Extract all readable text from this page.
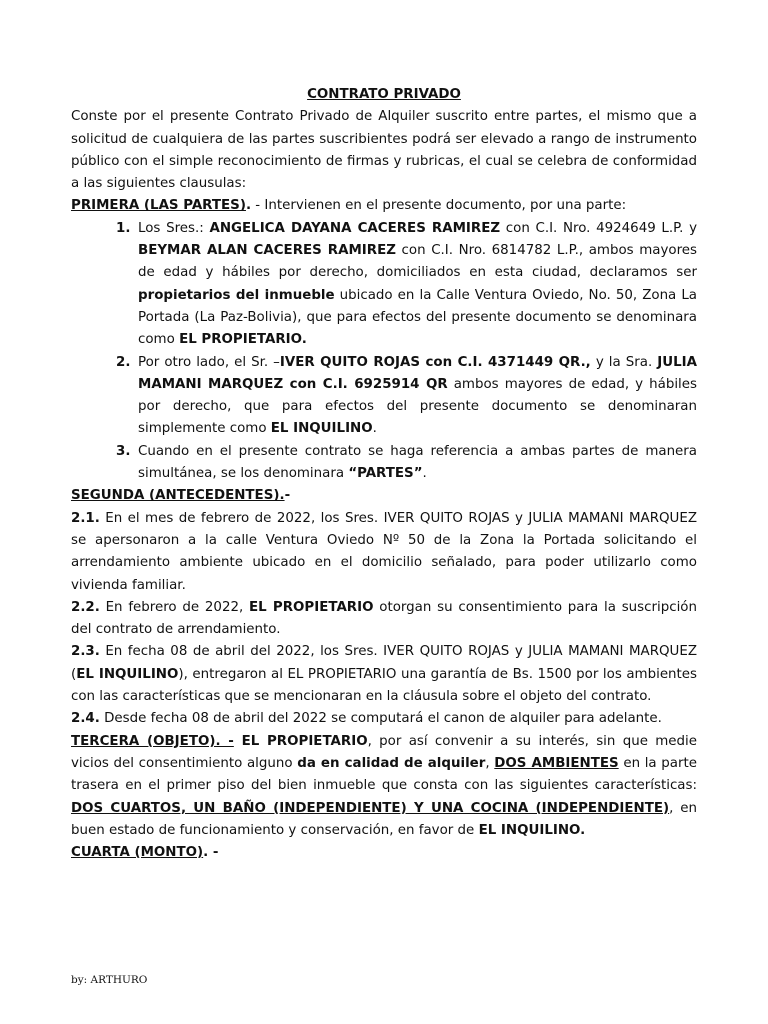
CONTRATO PRIVADO

Conste por el presente Contrato Privado de Alquiler suscrito entre partes, el mismo que a solicitud de cualquiera de las partes suscribientes podrá ser elevado a rango de instrumento público con el simple reconocimiento de firmas y rubricas, el cual se celebra de conformidad a las siguientes clausulas:

PRIMERA (LAS PARTES). - Intervienen en el presente documento, por una parte:

1. Los Sres.: ANGELICA DAYANA CACERES RAMIREZ con C.I. Nro. 4924649 L.P. y BEYMAR ALAN CACERES RAMIREZ con C.I. Nro. 6814782 L.P., ambos mayores de edad y hábiles por derecho, domiciliados en esta ciudad, declaramos ser propietarios del inmueble ubicado en la Calle Ventura Oviedo, No. 50, Zona La Portada (La Paz-Bolivia), que para efectos del presente documento se denominara como EL PROPIETARIO.
2. Por otro lado, el Sr. –IVER QUITO ROJAS con C.I. 4371449 QR., y la Sra. JULIA MAMANI MARQUEZ con C.I. 6925914 QR ambos mayores de edad, y hábiles por derecho, que para efectos del presente documento se denominaran simplemente como EL INQUILINO.
3. Cuando en el presente contrato se haga referencia a ambas partes de manera simultánea, se los denominara “PARTES”.

SEGUNDA (ANTECEDENTES).-

2.1. En el mes de febrero de 2022, los Sres. IVER QUITO ROJAS y JULIA MAMANI MARQUEZ se apersonaron a la calle Ventura Oviedo Nº 50 de la Zona la Portada solicitando el arrendamiento ambiente ubicado en el domicilio señalado, para poder utilizarlo como vivienda familiar.

2.2. En febrero de 2022, EL PROPIETARIO otorgan su consentimiento para la suscripción del contrato de arrendamiento.

2.3. En fecha 08 de abril del 2022, los Sres. IVER QUITO ROJAS y JULIA MAMANI MARQUEZ (EL INQUILINO), entregaron al EL PROPIETARIO una garantía de Bs. 1500 por los ambientes con las características que se mencionaran en la cláusula sobre el objeto del contrato.

2.4. Desde fecha 08 de abril del 2022 se computará el canon de alquiler para adelante.

TERCERA (OBJETO). - EL PROPIETARIO, por así convenir a su interés, sin que medie vicios del consentimiento alguno da en calidad de alquiler, DOS AMBIENTES en la parte trasera en el primer piso del bien inmueble que consta con las siguientes características: DOS CUARTOS, UN BAÑO (INDEPENDIENTE) Y UNA COCINA (INDEPENDIENTE), en buen estado de funcionamiento y conservación, en favor de EL INQUILINO.

CUARTA (MONTO). -

by: ARTHURO
